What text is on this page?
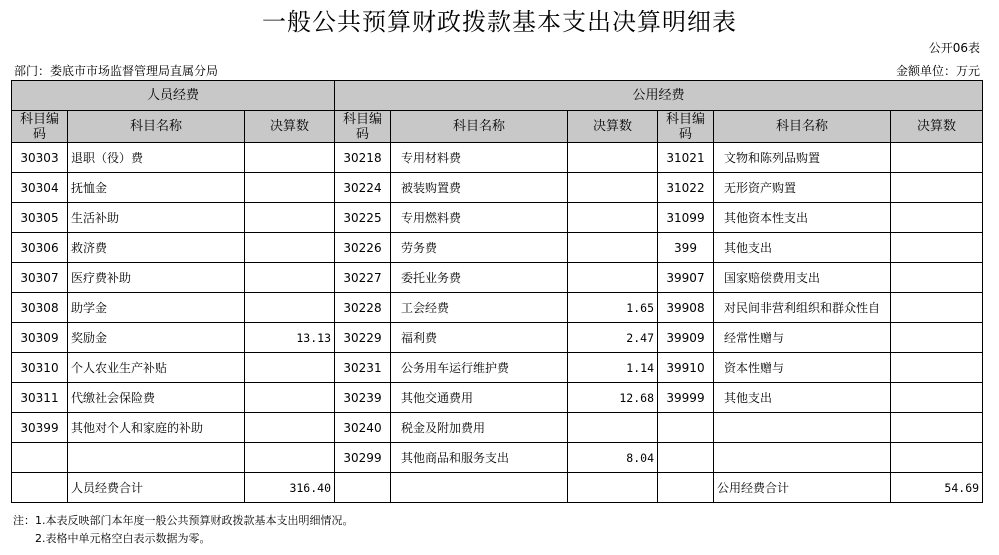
一般公共预算财政拨款基本支出决算明细表
公开06表
部门：娄底市市场监督管理局直属分局	金额单位：万元
人员经费			公用经费					
科目编码	科目名称	决算数	科目编码	科目名称	决算数	科目编码	科目名称	决算数
30303	退职（役）费		30218	专用材料费		31021	文物和陈列品购置	
30304	抚恤金		30224	被装购置费		31022	无形资产购置	
30305	生活补助		30225	专用燃料费		31099	其他资本性支出	
30306	救济费		30226	劳务费		399	其他支出	
30307	医疗费补助		30227	委托业务费		39907	国家赔偿费用支出	
30308	助学金		30228	工会经费	1.65	39908	对民间非营利组织和群众性自	
30309	奖励金	13.13	30229	福利费	2.47	39909	经常性赠与	
30310	个人农业生产补贴		30231	公务用车运行维护费	1.14	39910	资本性赠与	
30311	代缴社会保险费		30239	其他交通费用	12.68	39999	其他支出	
30399	其他对个人和家庭的补助		30240	税金及附加费用				
			30299	其他商品和服务支出	8.04			
	人员经费合计	316.40					公用经费合计	54.69
注：1.本表反映部门本年度一般公共预算财政拨款基本支出明细情况。
2.表格中单元格空白表示数据为零。
